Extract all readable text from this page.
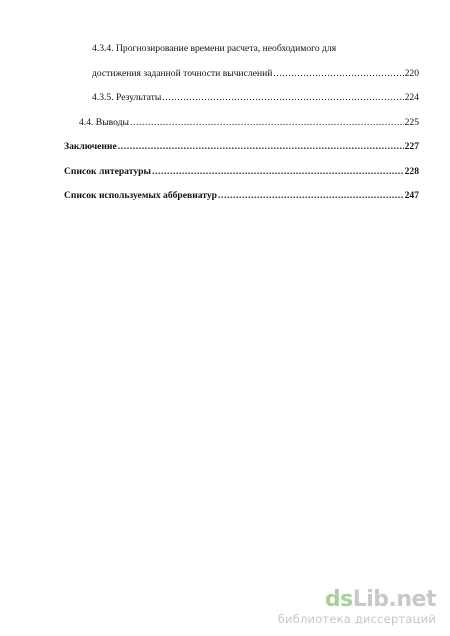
4.3.4. Прогнозирование времени расчета, необходимого для
достижения заданной точности вычислений .....	220
4.3.5. Результаты .....	224
4.4. Выводы .....	225
Заключение .....	227
Список литературы .....	228
Список используемых аббревиатур .....	247
dsLib.net
библиотека диссертаций
